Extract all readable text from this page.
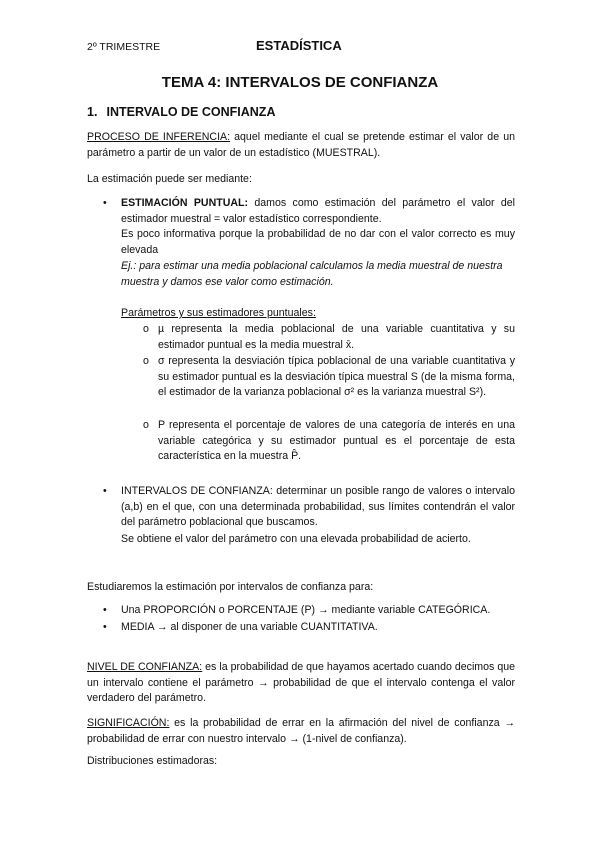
2º TRIMESTRE	ESTADÍSTICA
TEMA 4: INTERVALOS DE CONFIANZA
1. INTERVALO DE CONFIANZA
PROCESO DE INFERENCIA: aquel mediante el cual se pretende estimar el valor de un parámetro a partir de un valor de un estadístico (MUESTRAL).
La estimación puede ser mediante:
•	ESTIMACIÓN PUNTUAL: damos como estimación del parámetro el valor del estimador muestral = valor estadístico correspondiente.
Es poco informativa porque la probabilidad de no dar con el valor correcto es muy elevada
Ej.: para estimar una media poblacional calculamos la media muestral de nuestra muestra y damos ese valor como estimación.
Parámetros y sus estimadores puntuales:
o µ representa la media poblacional de una variable cuantitativa y su estimador puntual es la media muestral x̄.
o σ representa la desviación típica poblacional de una variable cuantitativa y su estimador puntual es la desviación típica muestral S (de la misma forma, el estimador de la varianza poblacional σ² es la varianza muestral S²).
o P representa el porcentaje de valores de una categoría de interés en una variable categórica y su estimador puntual es el porcentaje de esta característica en la muestra P̂.
•	INTERVALOS DE CONFIANZA: determinar un posible rango de valores o intervalo (a,b) en el que, con una determinada probabilidad, sus límites contendrán el valor del parámetro poblacional que buscamos.
Se obtiene el valor del parámetro con una elevada probabilidad de acierto.
Estudiaremos la estimación por intervalos de confianza para:
•	Una PROPORCIÓN o PORCENTAJE (P) → mediante variable CATEGÓRICA.
•	MEDIA → al disponer de una variable CUANTITATIVA.
NIVEL DE CONFIANZA: es la probabilidad de que hayamos acertado cuando decimos que un intervalo contiene el parámetro → probabilidad de que el intervalo contenga el valor verdadero del parámetro.
SIGNIFICACIÓN: es la probabilidad de errar en la afirmación del nivel de confianza → probabilidad de errar con nuestro intervalo → (1-nivel de confianza).
Distribuciones estimadoras:
